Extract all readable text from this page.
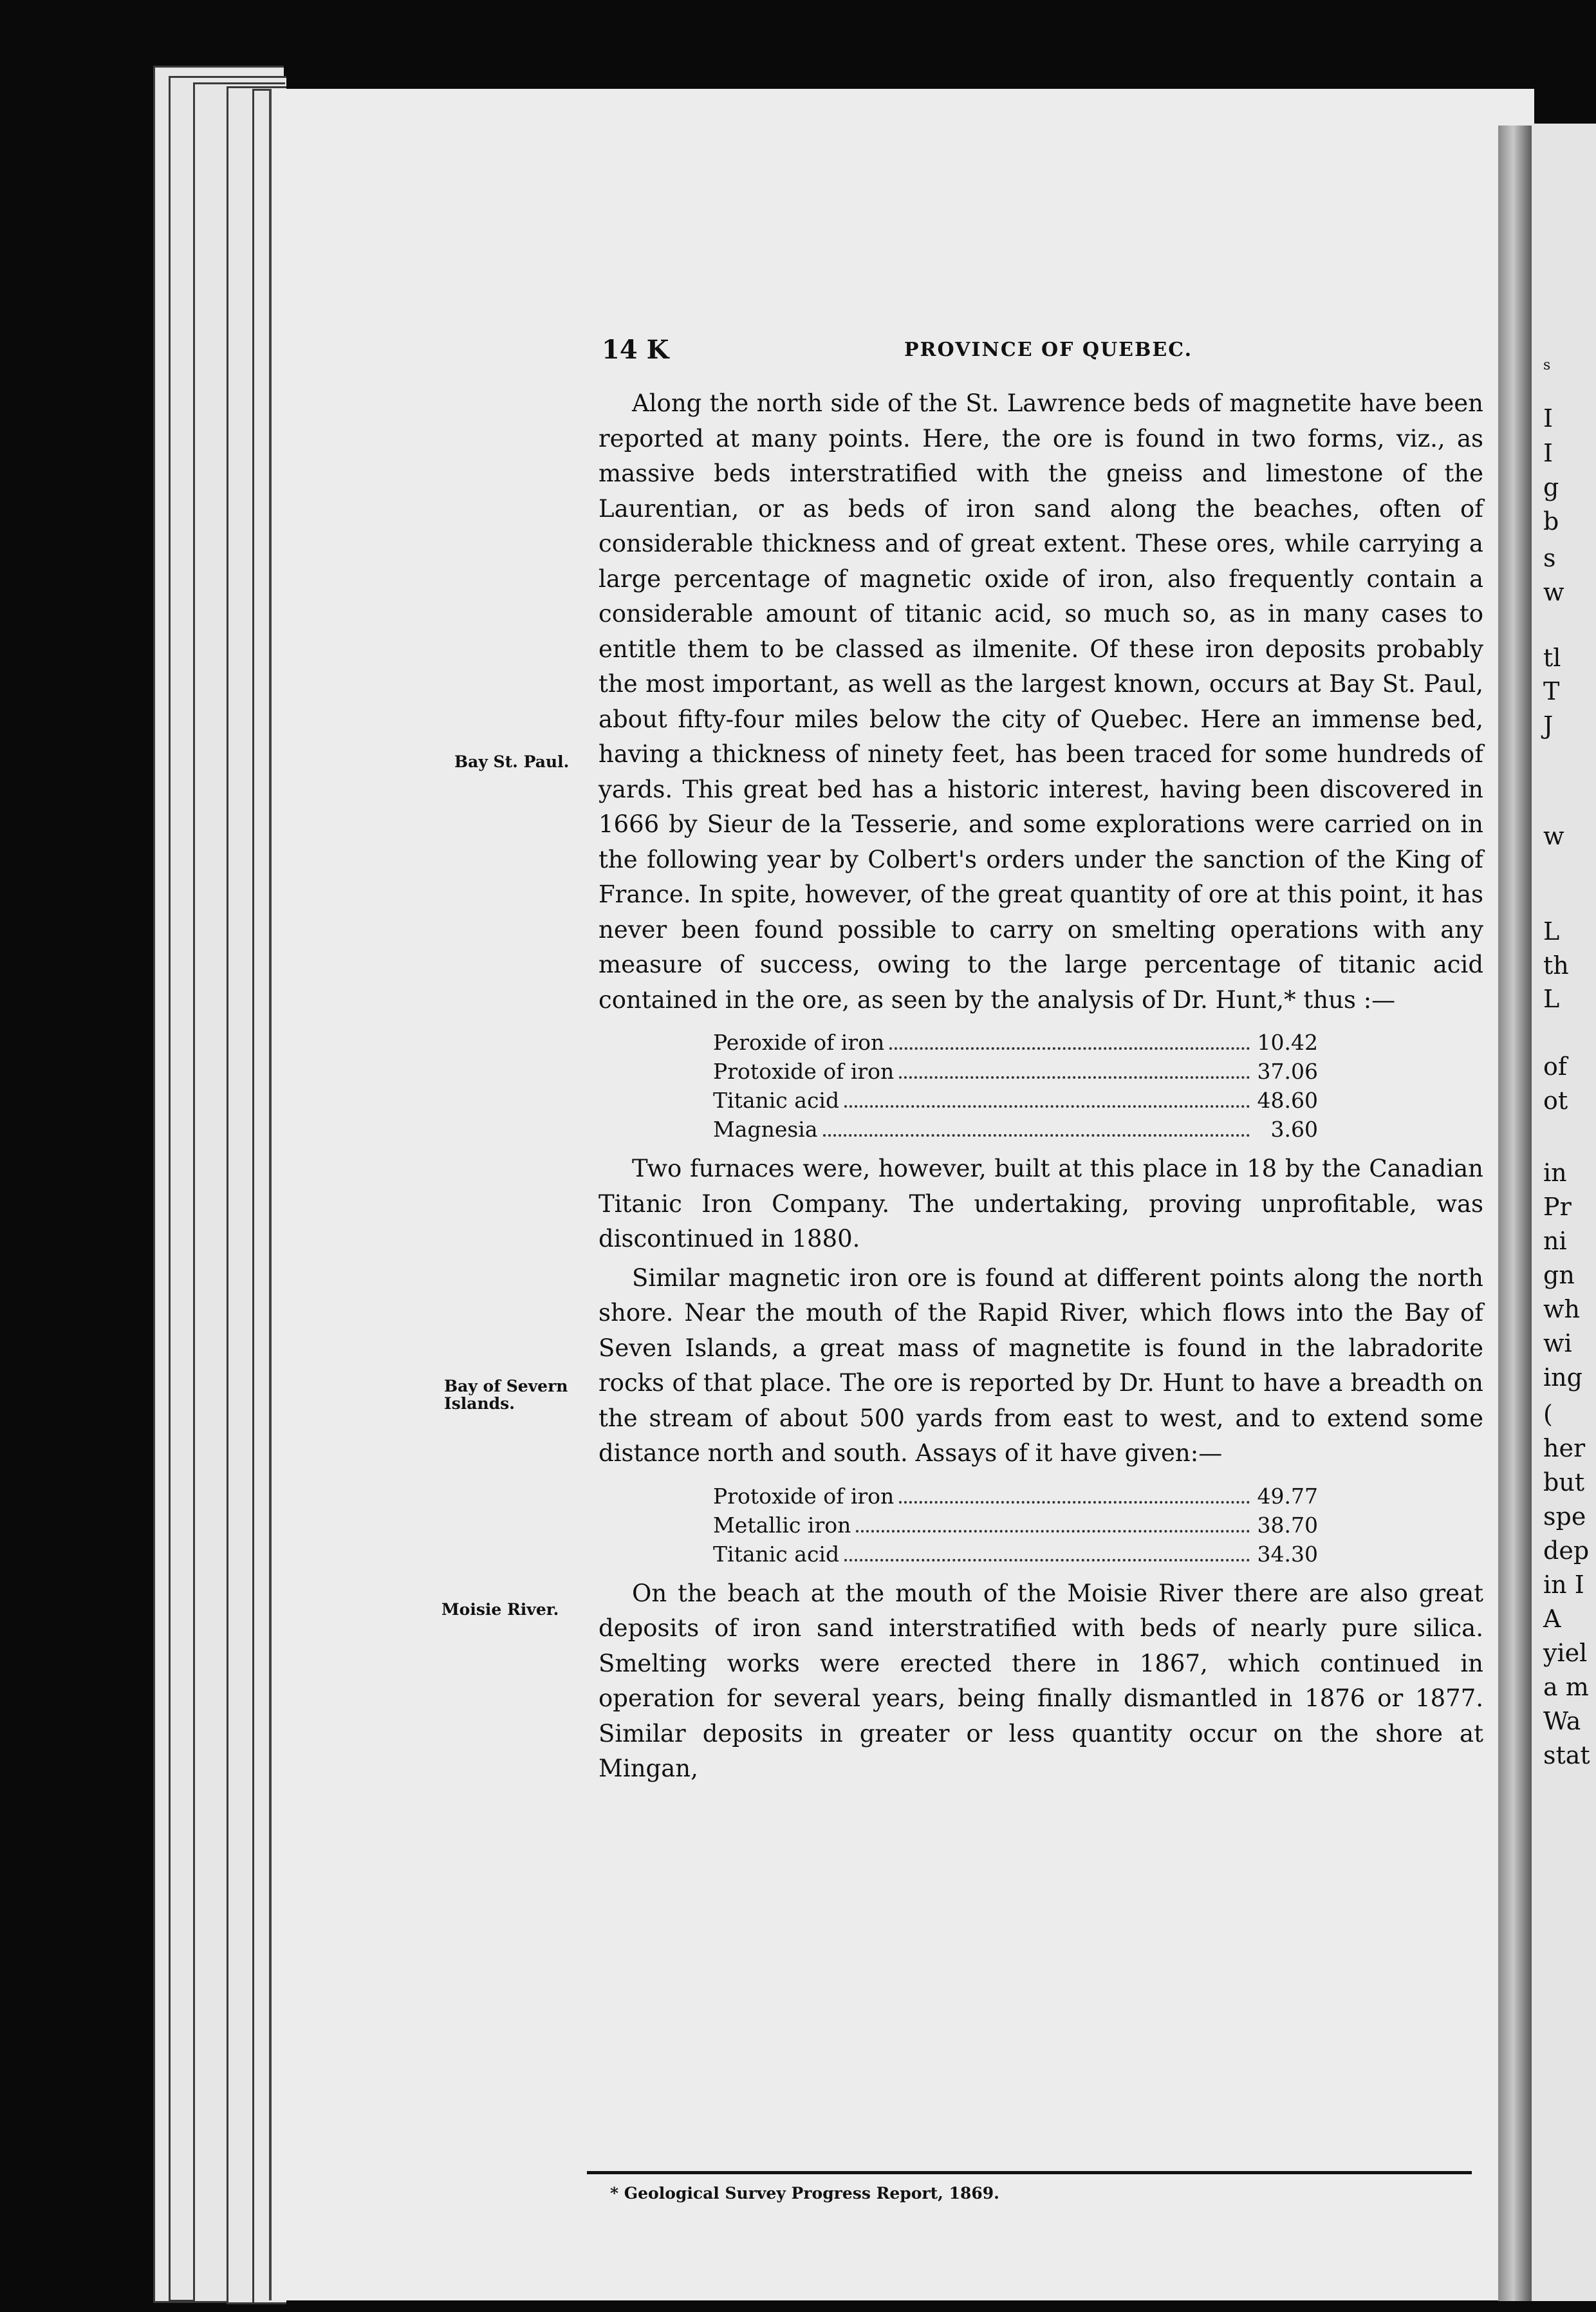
14 K	PROVINCE OF QUEBEC.
Bay St. Paul.
Bay of Severn
Islands.
Moisie River.

Along the north side of the St. Lawrence beds of magnetite have been reported at many points. Here, the ore is found in two forms, viz., as massive beds interstratified with the gneiss and limestone of the Laurentian, or as beds of iron sand along the beaches, often of considerable thickness and of great extent. These ores, while carrying a large percentage of magnetic oxide of iron, also frequently contain a considerable amount of titanic acid, so much so, as in many cases to entitle them to be classed as ilmenite. Of these iron deposits probably the most important, as well as the largest known, occurs at Bay St. Paul, about fifty-four miles below the city of Quebec. Here an immense bed, having a thickness of ninety feet, has been traced for some hundreds of yards. This great bed has a historic interest, having been discovered in 1666 by Sieur de la Tesserie, and some explorations were carried on in the following year by Colbert's orders under the sanction of the King of France. In spite, however, of the great quantity of ore at this point, it has never been found possible to carry on smelting operations with any measure of success, owing to the large percentage of titanic acid contained in the ore, as seen by the analysis of Dr. Hunt,* thus :—

Peroxide of iron	10.42
Protoxide of iron	37.06
Titanic acid	48.60
Magnesia	3.60

Two furnaces were, however, built at this place in 18 by the Canadian Titanic Iron Company. The undertaking, proving unprofitable, was discontinued in 1880.

Similar magnetic iron ore is found at different points along the north shore. Near the mouth of the Rapid River, which flows into the Bay of Seven Islands, a great mass of magnetite is found in the labradorite rocks of that place. The ore is reported by Dr. Hunt to have a breadth on the stream of about 500 yards from east to west, and to extend some distance north and south. Assays of it have given:—

Protoxide of iron	49.77
Metallic iron	38.70
Titanic acid	34.30

On the beach at the mouth of the Moisie River there are also great deposits of iron sand interstratified with beds of nearly pure silica. Smelting works were erected there in 1867, which continued in operation for several years, being finally dismantled in 1876 or 1877. Similar deposits in greater or less quantity occur on the shore at Mingan,

* Geological Survey Progress Report, 1869.
s
I
I
g
b
s
w
tl
T
J
w
L
th
L
of
ot
in
Pr
ni
gn
wh
wi
ing
(
her
but
spe
dep
in I
A
yiel
a m
Wa
stat
